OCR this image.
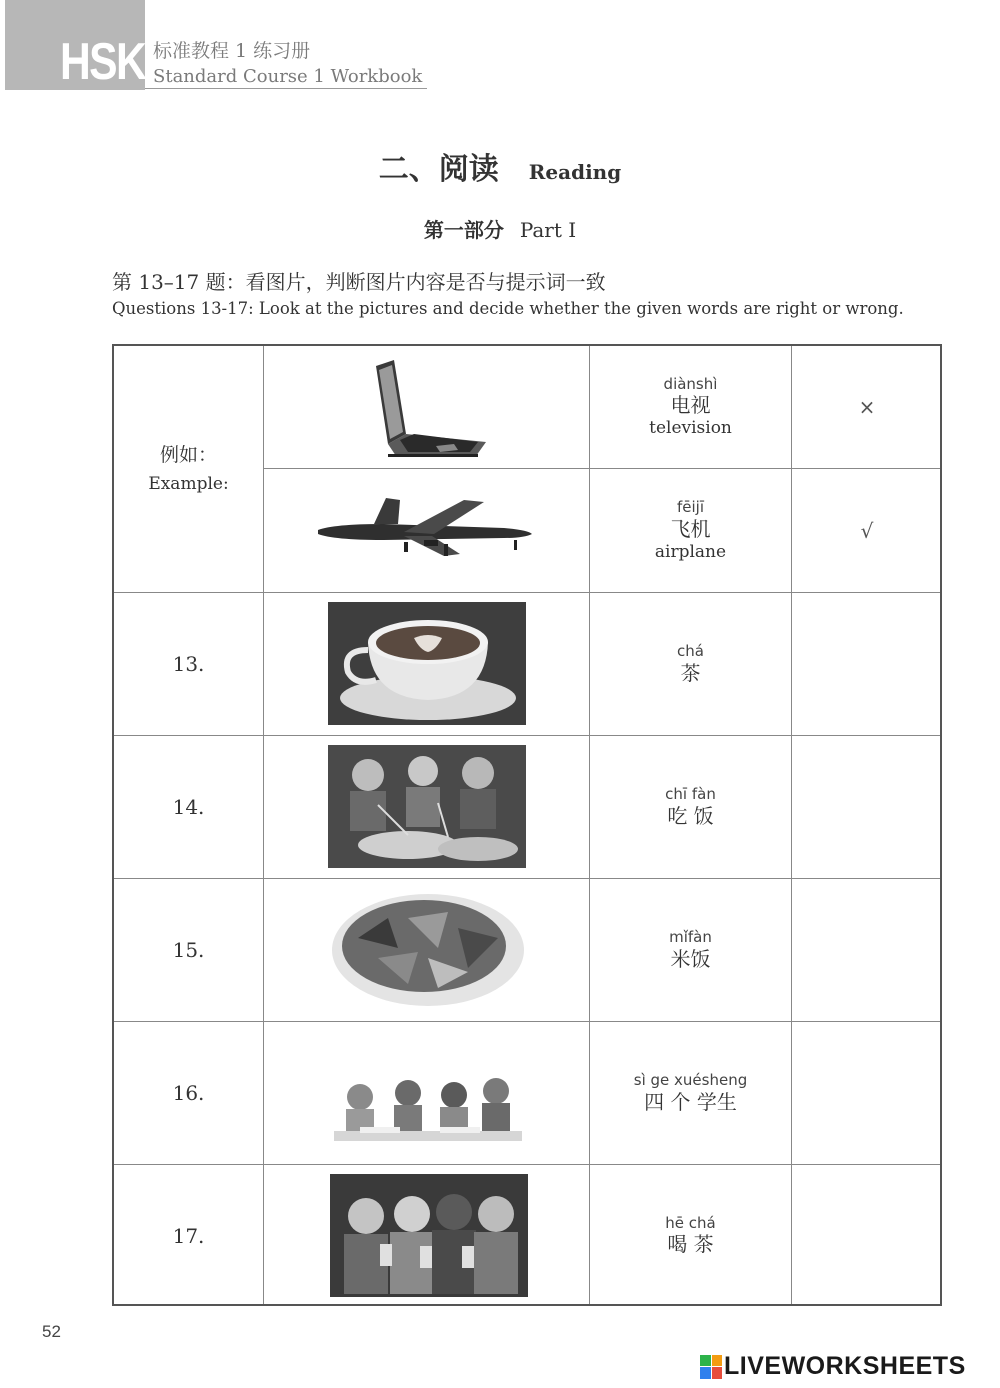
HSK 标准教程 1 练习册
Standard Course 1 Workbook
二、阅读 Reading
第一部分 Part Ⅰ
第 13–17 题：看图片，判断图片内容是否与提示词一致
Questions 13-17: Look at the pictures and decide whether the given words are right or wrong.
例如：
Example:
diànshì
电视
television
×
fēijī
飞机
airplane
√
13.
chá
茶
14.
chī fàn
吃 饭
15.
mǐfàn
米饭
16.
sì ge xuésheng
四 个 学生
17.
hē chá
喝 茶
52
LIVEWORKSHEETS
